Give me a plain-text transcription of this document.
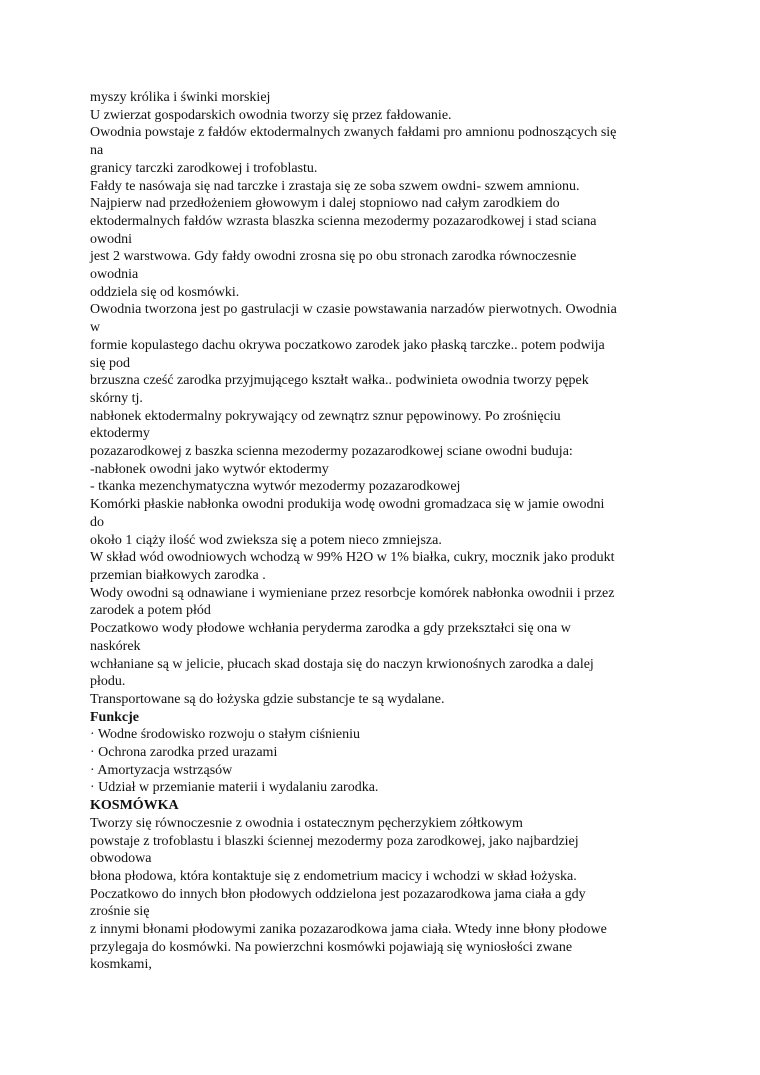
myszy królika i świnki morskiej
U zwierzat gospodarskich owodnia tworzy się przez fałdowanie.
Owodnia powstaje z fałdów ektodermalnych zwanych fałdami pro amnionu podnoszących się
na
granicy tarczki zarodkowej i trofoblastu.
Fałdy te nasówaja się nad tarczke i zrastaja się ze soba szwem owdni- szwem amnionu.
Najpierw nad przedłożeniem głowowym i dalej stopniowo nad całym zarodkiem do
ektodermalnych fałdów wzrasta blaszka scienna mezodermy pozazarodkowej i stad sciana
owodni
jest 2 warstwowa. Gdy fałdy owodni zrosna się po obu stronach zarodka równoczesnie
owodnia
oddziela się od kosmówki.
Owodnia tworzona jest po gastrulacji w czasie powstawania narzadów pierwotnych. Owodnia
w
formie kopulastego dachu okrywa poczatkowo zarodek jako płaską tarczke.. potem podwija
się pod
brzuszna cześć zarodka przyjmującego kształt wałka.. podwinieta owodnia tworzy pępek
skórny tj.
nabłonek ektodermalny pokrywający od zewnątrz sznur pępowinowy. Po zrośnięciu
ektodermy
pozazarodkowej z baszka scienna mezodermy pozazarodkowej sciane owodni buduja:
-nabłonek owodni jako wytwór ektodermy
- tkanka mezenchymatyczna wytwór mezodermy pozazarodkowej
Komórki płaskie nabłonka owodni produkija wodę owodni gromadzaca się w jamie owodni
do
około 1 ciąży ilość wod zwieksza się a potem nieco zmniejsza.
W skład wód owodniowych wchodzą w 99% H2O w 1% białka, cukry, mocznik jako produkt
przemian białkowych zarodka .
Wody owodni są odnawiane i wymieniane przez resorbcje komórek nabłonka owodnii i przez
zarodek a potem płód
Poczatkowo wody płodowe wchłania peryderma zarodka a gdy przekształci się ona w
naskórek
wchłaniane są w jelicie, płucach skad dostaja się do naczyn krwionośnych zarodka a dalej
płodu.
Transportowane są do łożyska gdzie substancje te są wydalane.
Funkcje
· Wodne środowisko rozwoju o stałym ciśnieniu
· Ochrona zarodka przed urazami
· Amortyzacja wstrząsów
· Udział w przemianie materii i wydalaniu zarodka.
KOSMÓWKA
Tworzy się równoczesnie z owodnia i ostatecznym pęcherzykiem zółtkowym
powstaje z trofoblastu i blaszki ściennej mezodermy poza zarodkowej, jako najbardziej
obwodowa
błona płodowa, która kontaktuje się z endometrium macicy i wchodzi w skład łożyska.
Poczatkowo do innych błon płodowych oddzielona jest pozazarodkowa jama ciała a gdy
zrośnie się
z innymi błonami płodowymi zanika pozazarodkowa jama ciała. Wtedy inne błony płodowe
przylegaja do kosmówki. Na powierzchni kosmówki pojawiają się wyniosłości zwane
kosmkami,
